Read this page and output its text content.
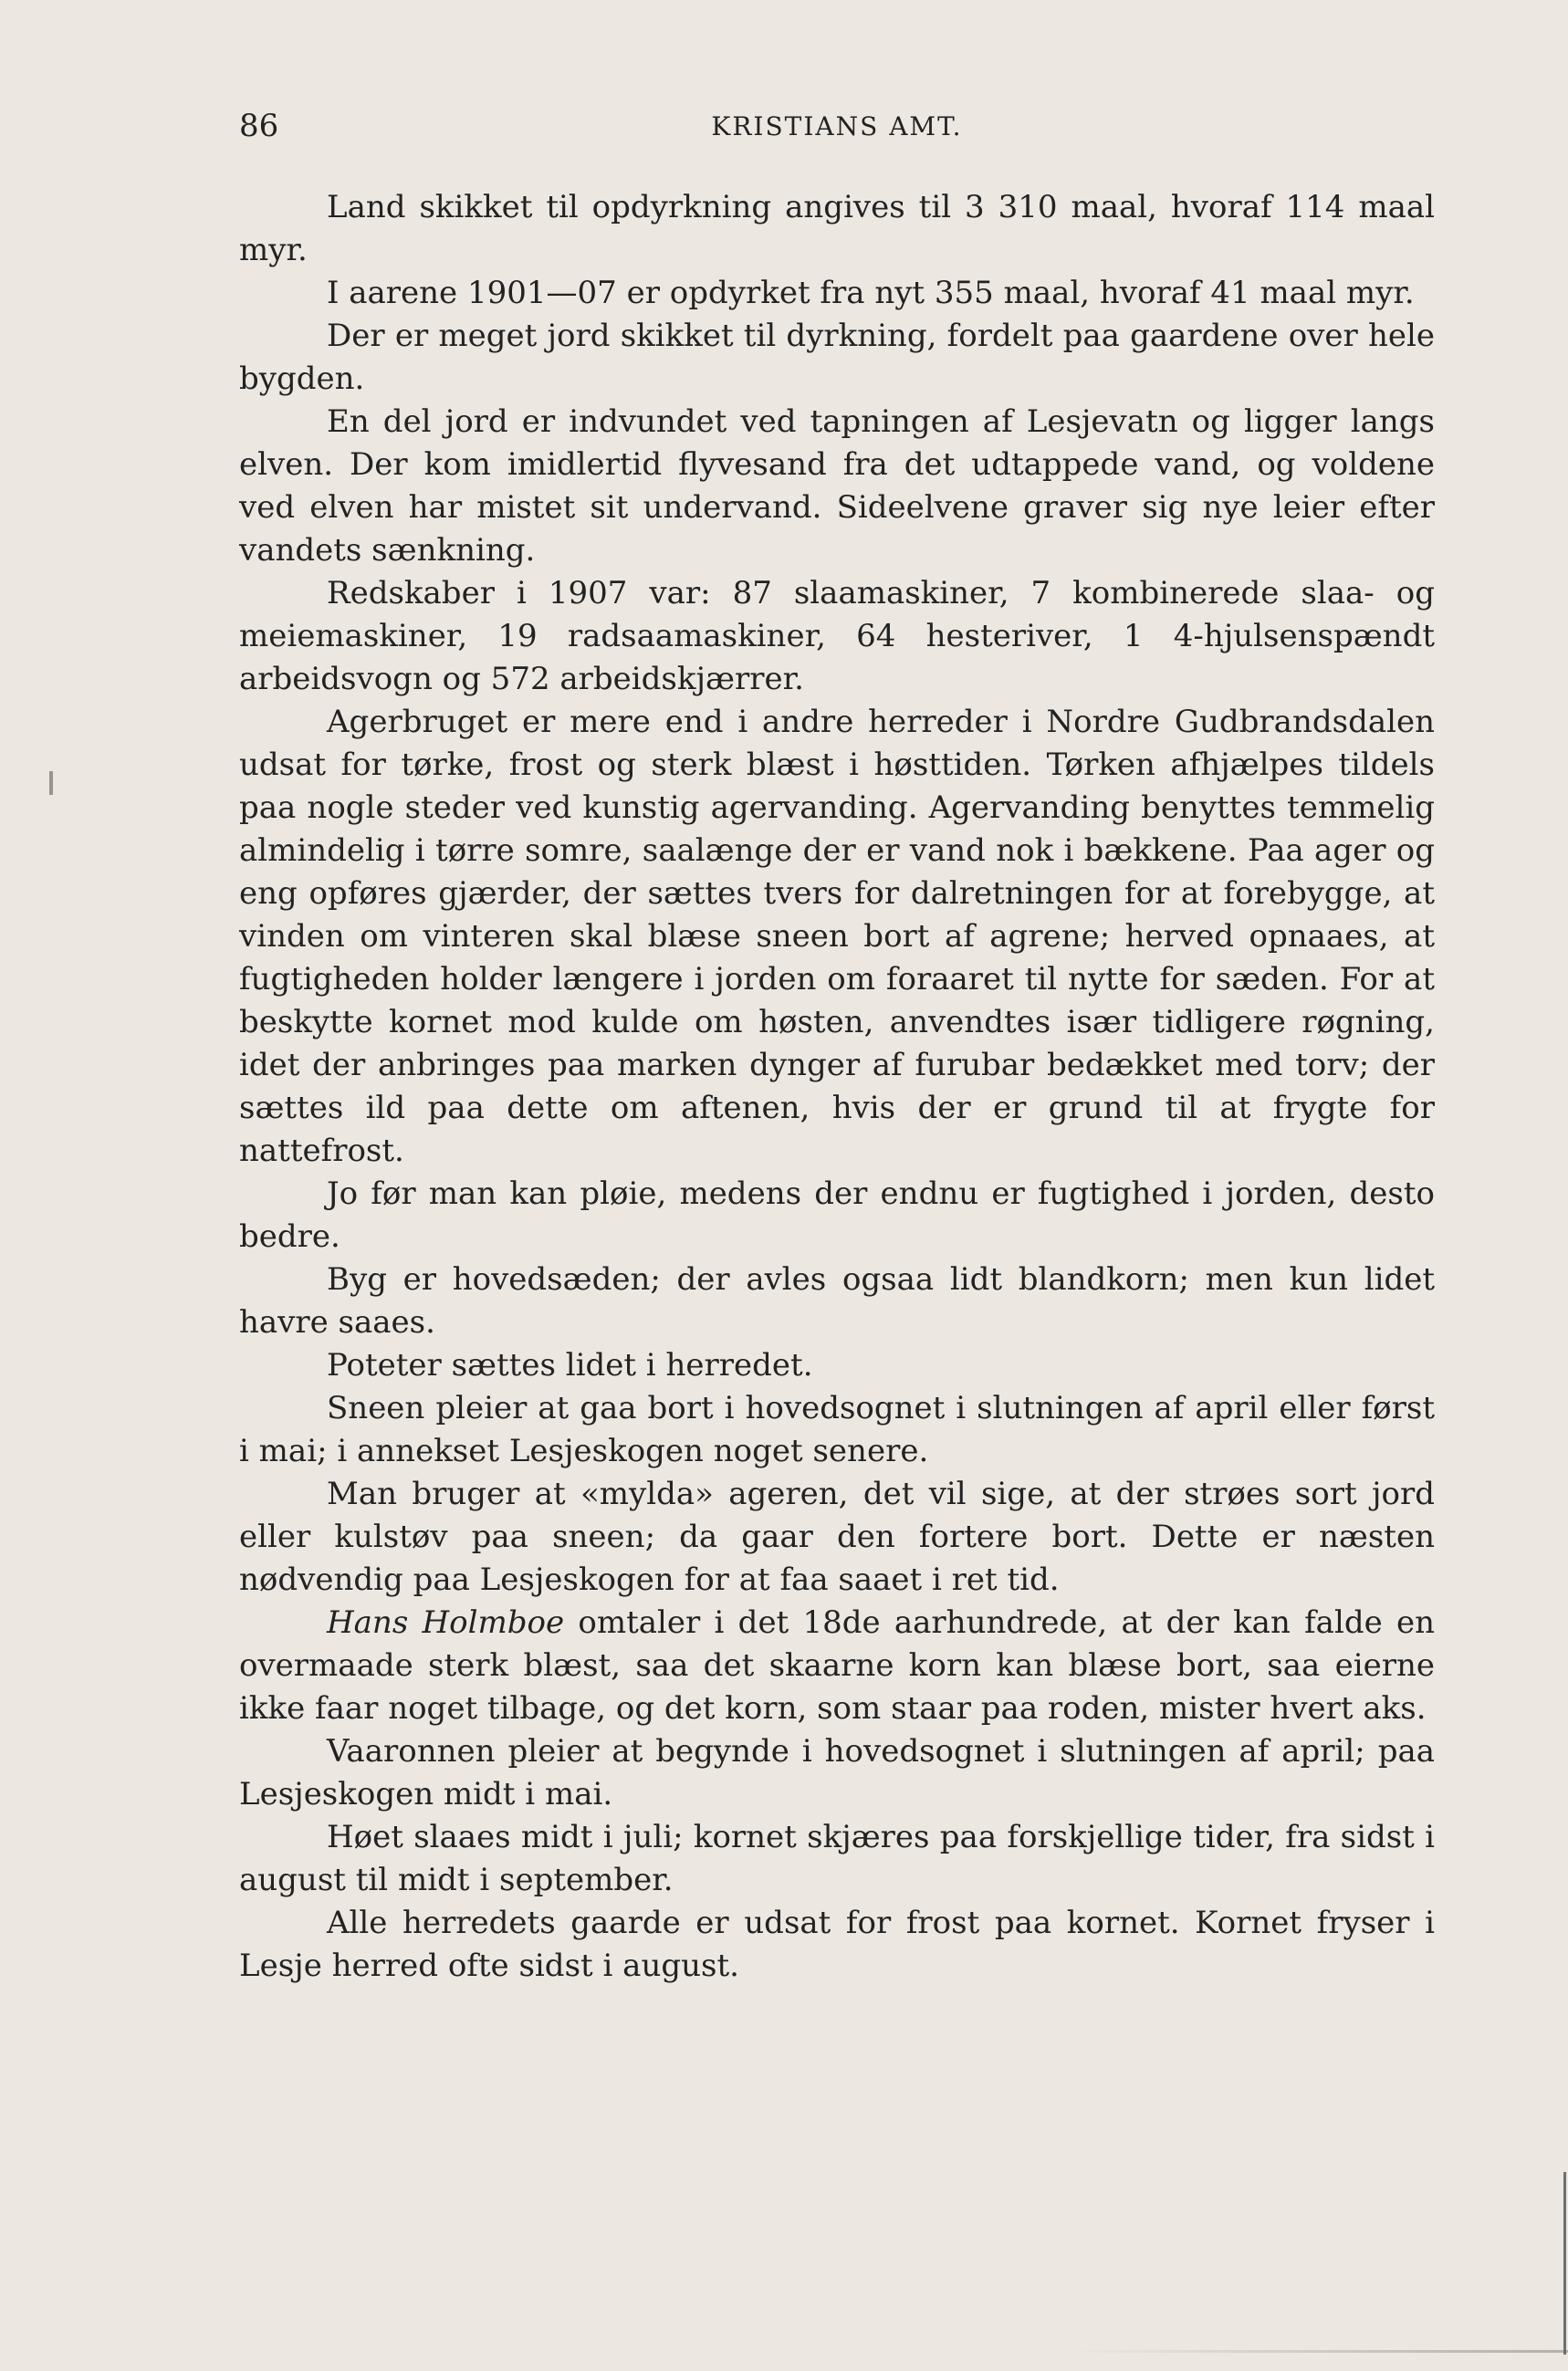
86	KRISTIANS AMT.

Land skikket til opdyrkning angives til 3 310 maal, hvoraf 114 maal myr.

I aarene 1901—07 er opdyrket fra nyt 355 maal, hvoraf 41 maal myr.

Der er meget jord skikket til dyrkning, fordelt paa gaardene over hele bygden.

En del jord er indvundet ved tapningen af Lesjevatn og ligger langs elven. Der kom imidlertid flyvesand fra det udtappede vand, og voldene ved elven har mistet sit undervand. Sideelvene graver sig nye leier efter vandets sænkning.

Redskaber i 1907 var: 87 slaamaskiner, 7 kombinerede slaa- og meiemaskiner, 19 radsaamaskiner, 64 hesteriver, 1 4-hjulsenspændt arbeidsvogn og 572 arbeidskjærrer.

Agerbruget er mere end i andre herreder i Nordre Gudbrandsdalen udsat for tørke, frost og sterk blæst i høsttiden. Tørken afhjælpes tildels paa nogle steder ved kunstig agervanding. Agervanding benyttes temmelig almindelig i tørre somre, saalænge der er vand nok i bækkene. Paa ager og eng opføres gjærder, der sættes tvers for dalretningen for at forebygge, at vinden om vinteren skal blæse sneen bort af agrene; herved opnaaes, at fugtigheden holder længere i jorden om foraaret til nytte for sæden. For at beskytte kornet mod kulde om høsten, anvendtes især tidligere røgning, idet der anbringes paa marken dynger af furubar bedækket med torv; der sættes ild paa dette om aftenen, hvis der er grund til at frygte for nattefrost.

Jo før man kan pløie, medens der endnu er fugtighed i jorden, desto bedre.

Byg er hovedsæden; der avles ogsaa lidt blandkorn; men kun lidet havre saaes.

Poteter sættes lidet i herredet.

Sneen pleier at gaa bort i hovedsognet i slutningen af april eller først i mai; i annekset Lesjeskogen noget senere.

Man bruger at «mylda» ageren, det vil sige, at der strøes sort jord eller kulstøv paa sneen; da gaar den fortere bort. Dette er næsten nødvendig paa Lesjeskogen for at faa saaet i ret tid.

Hans Holmboe omtaler i det 18de aarhundrede, at der kan falde en overmaade sterk blæst, saa det skaarne korn kan blæse bort, saa eierne ikke faar noget tilbage, og det korn, som staar paa roden, mister hvert aks.

Vaaronnen pleier at begynde i hovedsognet i slutningen af april; paa Lesjeskogen midt i mai.

Høet slaaes midt i juli; kornet skjæres paa forskjellige tider, fra sidst i august til midt i september.

Alle herredets gaarde er udsat for frost paa kornet. Kornet fryser i Lesje herred ofte sidst i august.
